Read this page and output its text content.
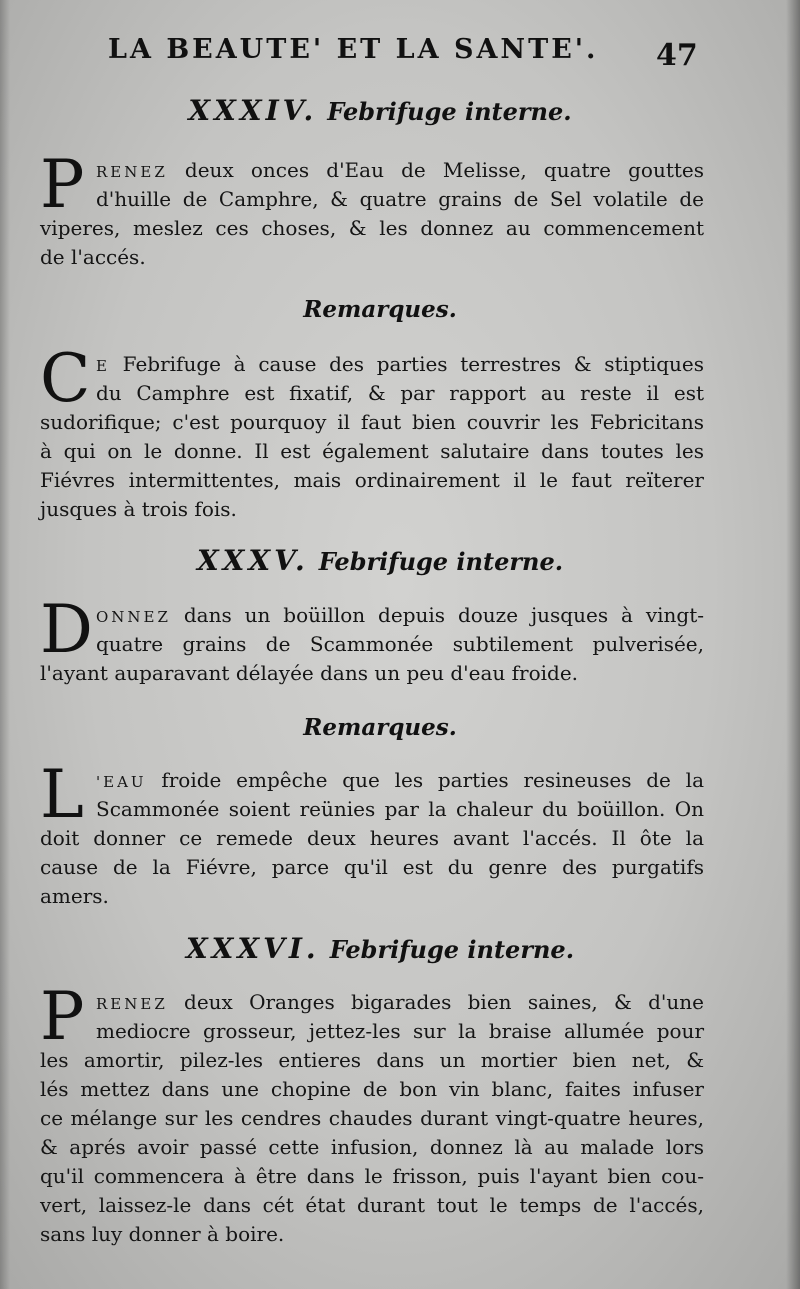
LA BEAUTE' ET LA SANTE'.	47
XXXIV. Febrifuge interne.
P RENEZ deux onces d'Eau de Melisse, quatre gouttes
d'huille de Camphre, & quatre grains de Sel volatile de
viperes, meslez ces choses, & les donnez au commencement
de l'accés.
Remarques.
C E Febrifuge à cause des parties terrestres & stiptiques
du Camphre est fixatif, & par rapport au reste il est
sudorifique; c'est pourquoy il faut bien couvrir les Febricitans
à qui on le donne. Il est également salutaire dans toutes les
Fiévres intermittentes, mais ordinairement il le faut reïterer
jusques à trois fois.
XXXV. Febrifuge interne.
D ONNEZ dans un boüillon depuis douze jusques à vingt-
quatre grains de Scammonée subtilement pulverisée,
l'ayant auparavant délayée dans un peu d'eau froide.
Remarques.
L 'EAU froide empêche que les parties resineuses de la
Scammonée soient reünies par la chaleur du boüillon. On
doit donner ce remede deux heures avant l'accés. Il ôte la
cause de la Fiévre, parce qu'il est du genre des purgatifs
amers.
XXXVI. Febrifuge interne.
P RENEZ deux Oranges bigarades bien saines, & d'une
mediocre grosseur, jettez-les sur la braise allumée pour
les amortir, pilez-les entieres dans un mortier bien net, &
lés mettez dans une chopine de bon vin blanc, faites infuser
ce mélange sur les cendres chaudes durant vingt-quatre heures,
& aprés avoir passé cette infusion, donnez là au malade lors
qu'il commencera à être dans le frisson, puis l'ayant bien cou-
vert, laissez-le dans cét état durant tout le temps de l'accés,
sans luy donner à boire.
